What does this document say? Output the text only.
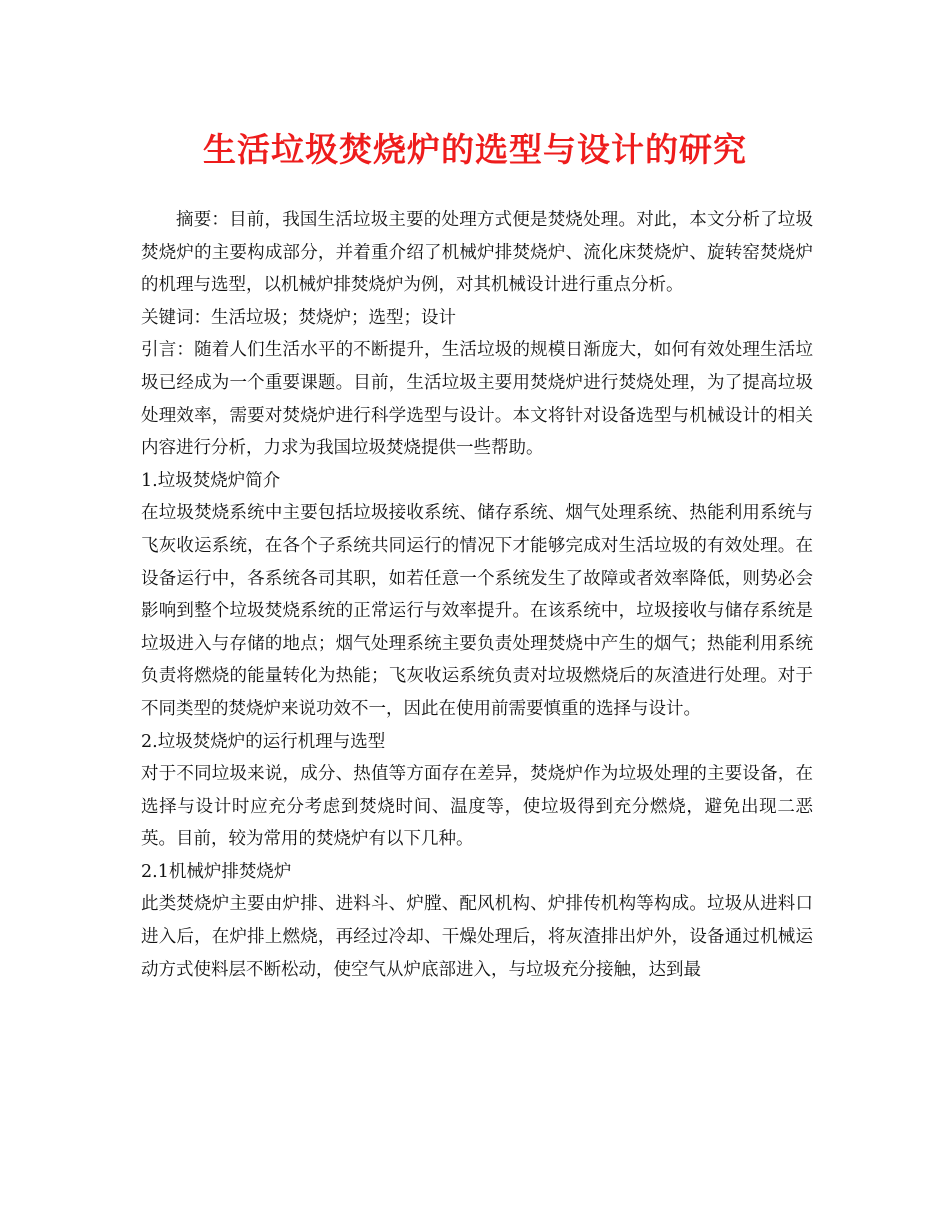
生活垃圾焚烧炉的选型与设计的研究

摘要：目前，我国生活垃圾主要的处理方式便是焚烧处理。对此，本文分析了垃圾焚烧炉的主要构成部分，并着重介绍了机械炉排焚烧炉、流化床焚烧炉、旋转窑焚烧炉的机理与选型，以机械炉排焚烧炉为例，对其机械设计进行重点分析。

关键词：生活垃圾；焚烧炉；选型；设计

引言：随着人们生活水平的不断提升，生活垃圾的规模日渐庞大，如何有效处理生活垃圾已经成为一个重要课题。目前，生活垃圾主要用焚烧炉进行焚烧处理，为了提高垃圾处理效率，需要对焚烧炉进行科学选型与设计。本文将针对设备选型与机械设计的相关内容进行分析，力求为我国垃圾焚烧提供一些帮助。

1.垃圾焚烧炉简介

在垃圾焚烧系统中主要包括垃圾接收系统、储存系统、烟气处理系统、热能利用系统与飞灰收运系统，在各个子系统共同运行的情况下才能够完成对生活垃圾的有效处理。在设备运行中，各系统各司其职，如若任意一个系统发生了故障或者效率降低，则势必会影响到整个垃圾焚烧系统的正常运行与效率提升。在该系统中，垃圾接收与储存系统是垃圾进入与存储的地点；烟气处理系统主要负责处理焚烧中产生的烟气；热能利用系统负责将燃烧的能量转化为热能；飞灰收运系统负责对垃圾燃烧后的灰渣进行处理。对于不同类型的焚烧炉来说功效不一，因此在使用前需要慎重的选择与设计。

2.垃圾焚烧炉的运行机理与选型

对于不同垃圾来说，成分、热值等方面存在差异，焚烧炉作为垃圾处理的主要设备，在选择与设计时应充分考虑到焚烧时间、温度等，使垃圾得到充分燃烧，避免出现二恶英。目前，较为常用的焚烧炉有以下几种。

2.1机械炉排焚烧炉

此类焚烧炉主要由炉排、进料斗、炉膛、配风机构、炉排传机构等构成。垃圾从进料口进入后，在炉排上燃烧，再经过冷却、干燥处理后，将灰渣排出炉外，设备通过机械运动方式使料层不断松动，使空气从炉底部进入，与垃圾充分接触，达到最
